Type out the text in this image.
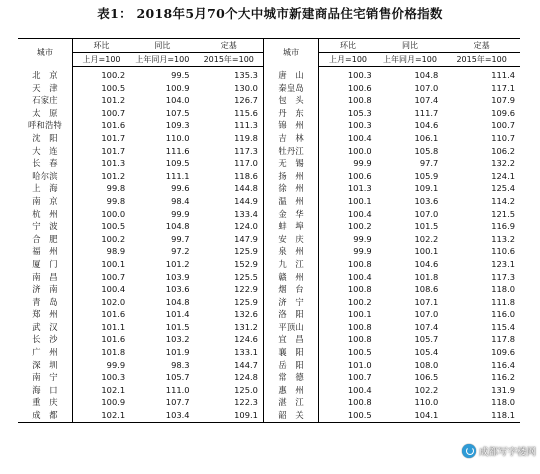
表1： 2018年5月70个大中城市新建商品住宅销售价格指数
城市	环比	同比	定基	城市	环比	同比	定基
	上月=100	上年同月=100	2015年=100		上月=100	上年同月=100	2015年=100
北　京	100.2	99.5	135.3	唐　山	100.3	104.8	111.4
天　津	100.5	100.9	130.0	秦皇岛	100.6	107.0	117.1
石家庄	101.2	104.0	126.7	包　头	100.8	107.4	107.9
太　原	100.7	107.5	115.6	丹　东	105.3	111.7	109.6
呼和浩特	101.6	109.3	111.3	锦　州	100.3	104.6	100.7
沈　阳	101.7	110.0	119.8	吉　林	100.4	106.1	110.7
大　连	101.7	111.6	117.3	牡丹江	100.0	105.8	106.2
长　春	101.3	109.5	117.0	无　锡	99.9	97.7	132.2
哈尔滨	101.2	111.1	118.6	扬　州	100.6	105.9	124.1
上　海	99.8	99.6	144.8	徐　州	101.3	109.1	125.4
南　京	99.8	98.4	144.9	温　州	100.1	103.6	114.2
杭　州	100.0	99.9	133.4	金　华	100.4	107.0	121.5
宁　波	100.5	104.8	124.0	蚌　埠	100.2	101.5	116.9
合　肥	100.2	99.7	147.9	安　庆	99.9	102.2	113.2
福　州	98.9	97.2	125.9	泉　州	99.9	100.1	110.6
厦　门	100.1	101.2	152.9	九　江	100.8	104.6	123.1
南　昌	100.7	103.9	125.5	赣　州	100.4	101.8	117.3
济　南	100.4	103.6	122.9	烟　台	100.8	108.6	118.0
青　岛	102.0	104.8	125.9	济　宁	100.2	107.1	111.8
郑　州	101.6	101.4	132.6	洛　阳	100.1	107.0	116.0
武　汉	101.1	101.5	131.2	平顶山	100.8	107.4	115.4
长　沙	101.6	103.2	124.6	宜　昌	100.8	105.7	117.8
广　州	101.8	101.9	133.1	襄　阳	100.5	105.4	109.6
深　圳	99.9	98.3	144.7	岳　阳	101.0	108.0	116.4
南　宁	100.3	105.7	124.8	常　德	100.7	106.5	116.2
海　口	102.1	111.0	125.0	惠　州	100.4	102.2	131.9
重　庆	100.9	107.7	122.3	湛　江	100.8	110.0	118.0
成　都	102.1	103.4	109.1	韶　关	100.5	104.1	118.1
成都写字楼网
